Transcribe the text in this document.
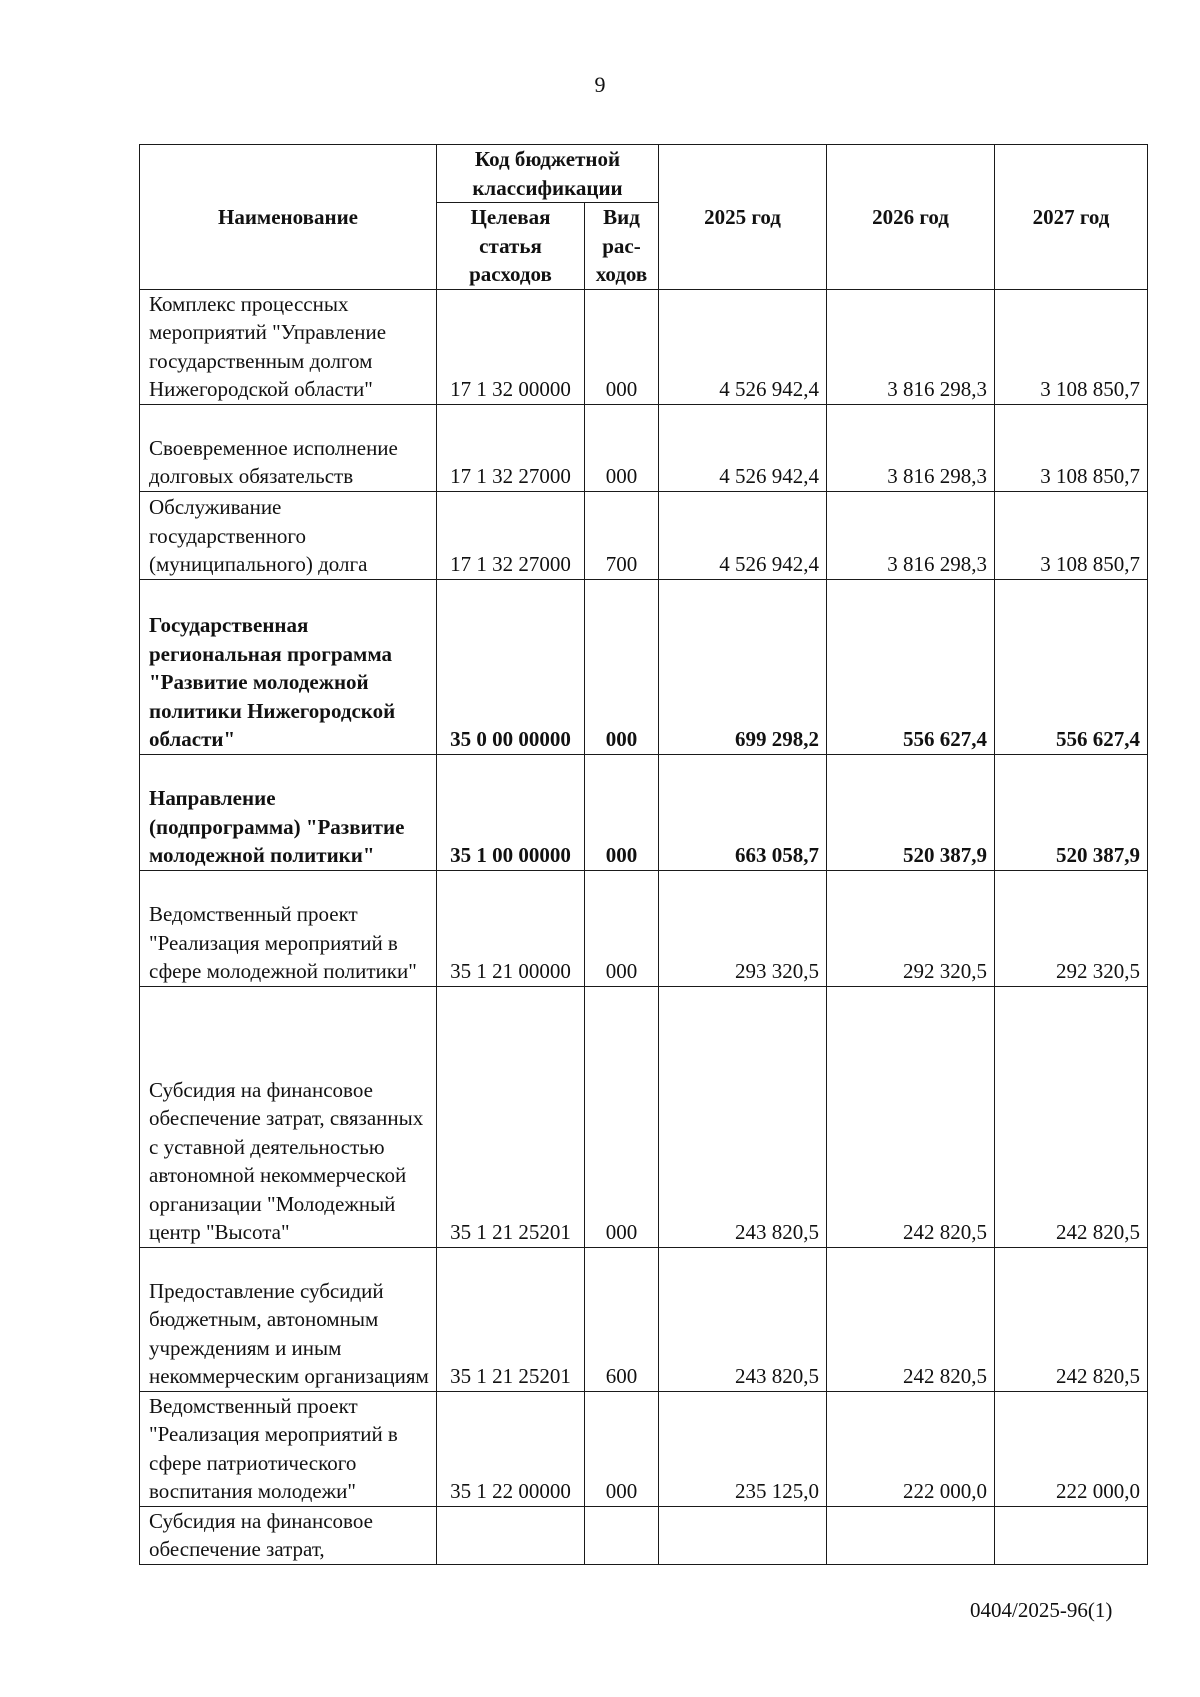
9
Наименование	Код бюджетной классификации		2025 год	2026 год	2027 год
	Целевая статья расходов	Вид рас- ходов			
Комплекс процессных мероприятий "Управление государственным долгом Нижегородской области"	17 1 32 00000	000	4 526 942,4	3 816 298,3	3 108 850,7
Своевременное исполнение долговых обязательств	17 1 32 27000	000	4 526 942,4	3 816 298,3	3 108 850,7
Обслуживание государственного (муниципального) долга	17 1 32 27000	700	4 526 942,4	3 816 298,3	3 108 850,7
Государственная региональная программа "Развитие молодежной политики Нижегородской области"	35 0 00 00000	000	699 298,2	556 627,4	556 627,4
Направление (подпрограмма) "Развитие молодежной политики"	35 1 00 00000	000	663 058,7	520 387,9	520 387,9
Ведомственный проект "Реализация мероприятий в сфере молодежной политики"	35 1 21 00000	000	293 320,5	292 320,5	292 320,5
Субсидия на финансовое обеспечение затрат, связанных с уставной деятельностью автономной некоммерческой организации "Молодежный центр "Высота"	35 1 21 25201	000	243 820,5	242 820,5	242 820,5
Предоставление субсидий бюджетным, автономным учреждениям и иным некоммерческим организациям	35 1 21 25201	600	243 820,5	242 820,5	242 820,5
Ведомственный проект "Реализация мероприятий в сфере патриотического воспитания молодежи"	35 1 22 00000	000	235 125,0	222 000,0	222 000,0
Субсидия на финансовое обеспечение затрат,					
0404/2025-96(1)
